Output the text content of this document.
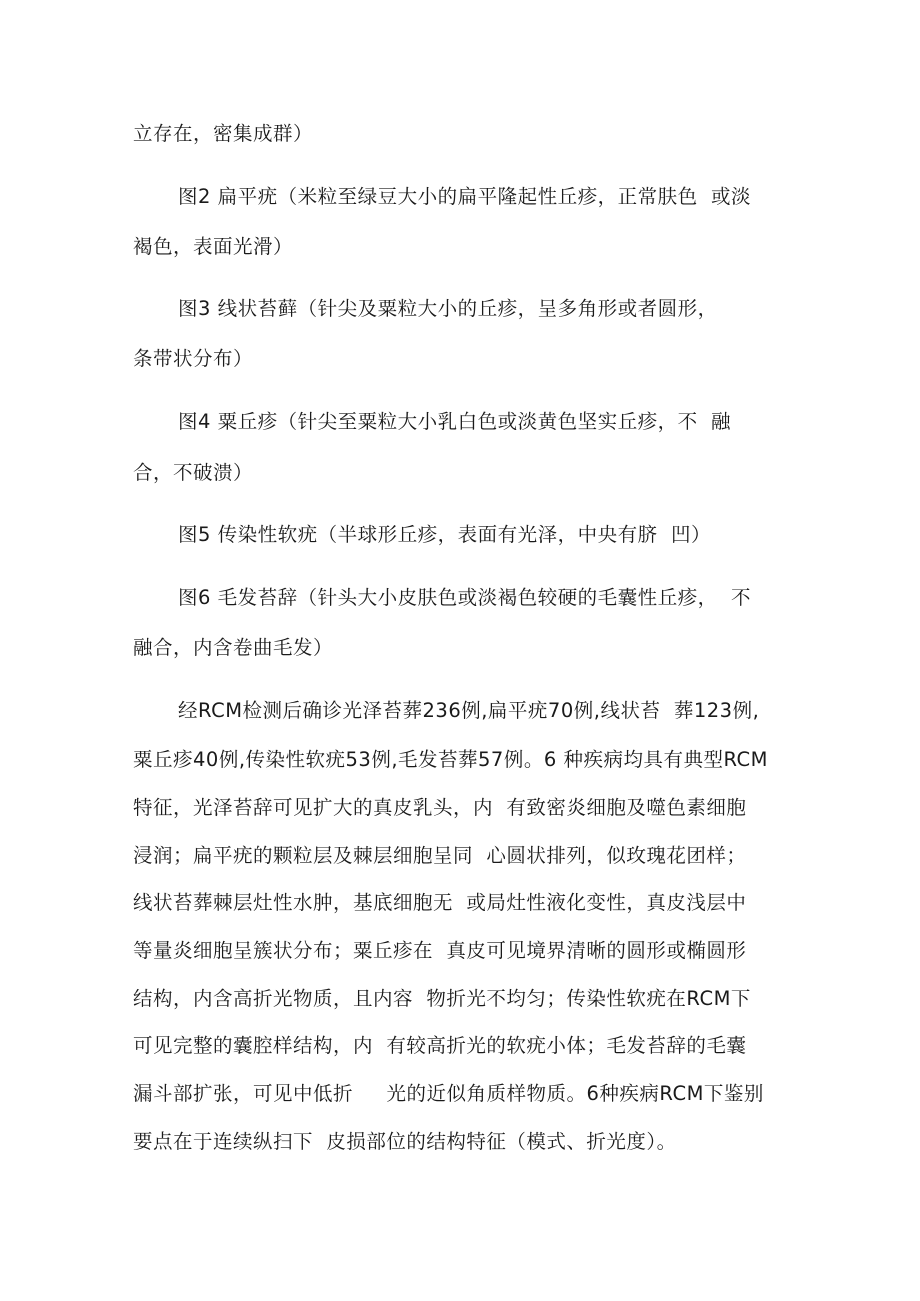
立存在，密集成群）
图2 扁平疣（米粒至绿豆大小的扁平隆起性丘疹，正常肤色  或淡
褐色，表面光滑）
图3 线状苔藓（针尖及粟粒大小的丘疹，呈多角形或者圆形，
条带状分布）
图4 粟丘疹（针尖至粟粒大小乳白色或淡黄色坚实丘疹，不  融
合，不破溃）
图5 传染性软疣（半球形丘疹，表面有光泽，中央有脐  凹）
图6 毛发苔辞（针头大小皮肤色或淡褐色较硬的毛囊性丘疹，  不
融合，内含卷曲毛发）
经RCM检测后确诊光泽苔葬236例,扁平疣70例,线状苔  葬123例,
粟丘疹40例,传染性软疣53例,毛发苔葬57例。6 种疾病均具有典型RCM
特征，光泽苔辞可见扩大的真皮乳头，内  有致密炎细胞及噬色素细胞
浸润；扁平疣的颗粒层及棘层细胞呈同  心圆状排列，似玫瑰花团样；
线状苔葬棘层灶性水肿，基底细胞无  或局灶性液化变性，真皮浅层中
等量炎细胞呈簇状分布；粟丘疹在  真皮可见境界清晰的圆形或椭圆形
结构，内含高折光物质，且内容  物折光不均匀；传染性软疣在RCM下
可见完整的囊腔样结构，内  有较高折光的软疣小体；毛发苔辞的毛囊
漏斗部扩张，可见中低折     光的近似角质样物质。6种疾病RCM下鉴别
要点在于连续纵扫下  皮损部位的结构特征（模式、折光度）。
